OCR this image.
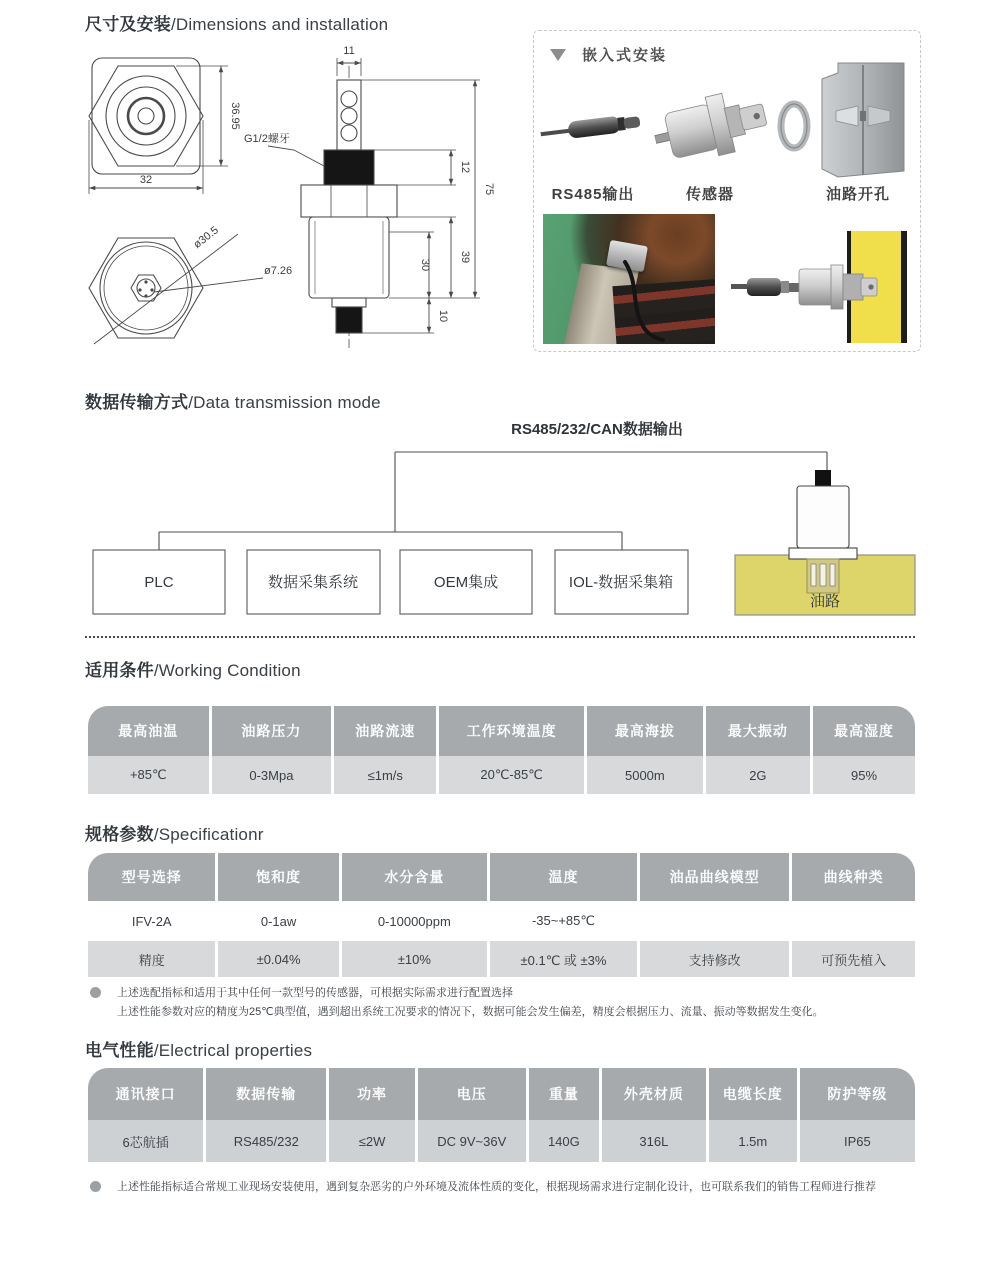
尺寸及安装/Dimensions and installation
36.95
32
ø30.5
ø7.26
G1/2螺牙
11
12
39
30
10
75
嵌入式安装
RS485输出	传感器	油路开孔
数据传输方式/Data transmission mode
RS485/232/CAN数据输出
PLC	数据采集系统	OEM集成	IOL-数据采集箱
油路
适用条件/Working Condition
最高油温	油路压力	油路流速	工作环境温度	最高海拔	最大振动	最高湿度
+85℃	0-3Mpa	≤1m/s	20℃-85℃	5000m	2G	95%
规格参数/Specificationr
型号选择	饱和度	水分含量	温度	油品曲线模型	曲线种类
IFV-2A	0-1aw	0-10000ppm	-35~+85℃
精度	±0.04%	±10%	±0.1℃ 或 ±3%	支持修改	可预先植入
上述选配指标和适用于其中任何一款型号的传感器，可根据实际需求进行配置选择
上述性能参数对应的精度为25℃典型值，遇到超出系统工况要求的情况下，数据可能会发生偏差，精度会根据压力、流量、振动等数据发生变化。
电气性能/Electrical properties
通讯接口	数据传输	功率	电压	重量	外壳材质	电缆长度	防护等级
6芯航插	RS485/232	≤2W	DC 9V~36V	140G	316L	1.5m	IP65
上述性能指标适合常规工业现场安装使用，遇到复杂恶劣的户外环境及流体性质的变化，根据现场需求进行定制化设计，也可联系我们的销售工程师进行推荐
